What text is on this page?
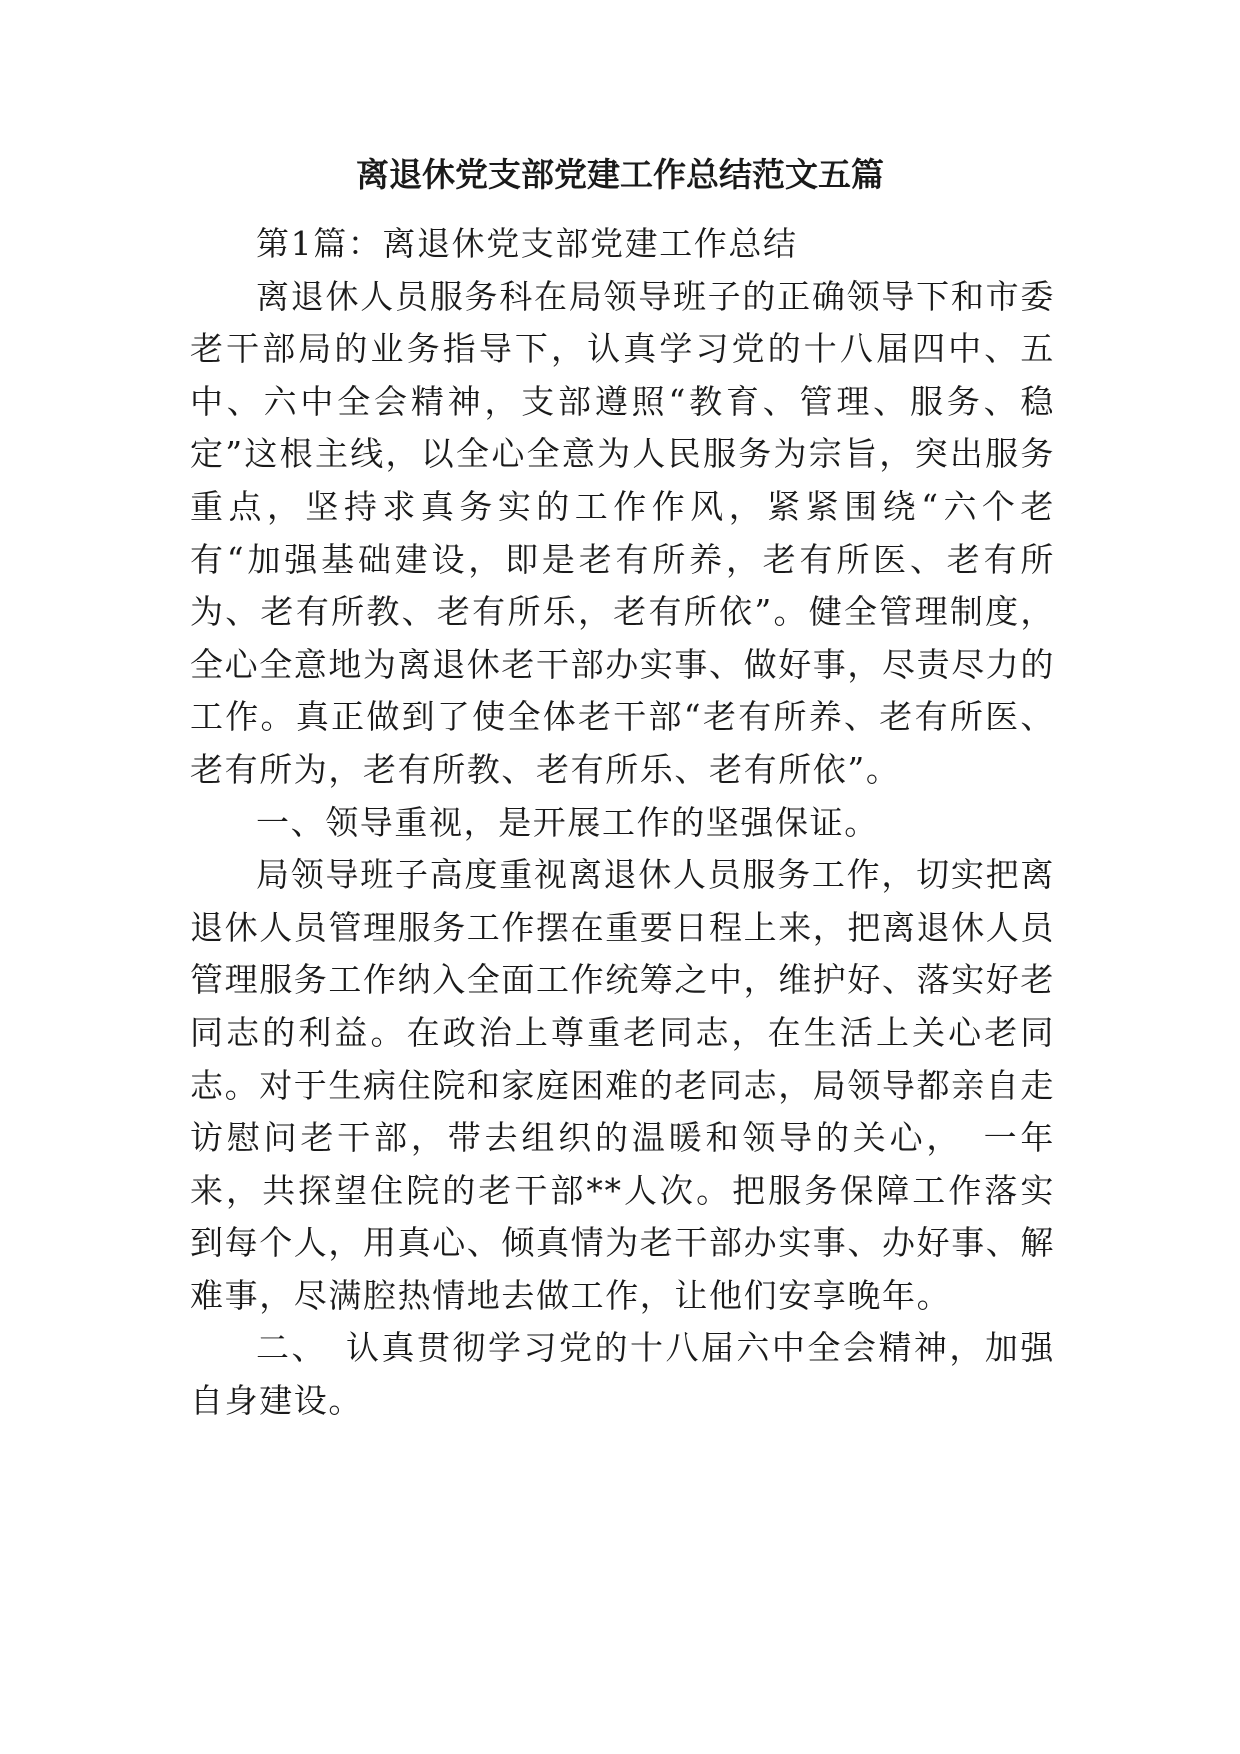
离退休党支部党建工作总结范文五篇

第1篇：离退休党支部党建工作总结

离退休人员服务科在局领导班子的正确领导下和市委老干部局的业务指导下，认真学习党的十八届四中、五中、六中全会精神，支部遵照“教育、管理、服务、稳定”这根主线，以全心全意为人民服务为宗旨，突出服务重点，坚持求真务实的工作作风，紧紧围绕“六个老有“加强基础建设，即是老有所养，老有所医、老有所为、老有所教、老有所乐，老有所依”。健全管理制度，全心全意地为离退休老干部办实事、做好事，尽责尽力的工作。真正做到了使全体老干部“老有所养、老有所医、老有所为，老有所教、老有所乐、老有所依”。

一、领导重视，是开展工作的坚强保证。

局领导班子高度重视离退休人员服务工作，切实把离退休人员管理服务工作摆在重要日程上来，把离退休人员管理服务工作纳入全面工作统筹之中，维护好、落实好老同志的利益。在政治上尊重老同志，在生活上关心老同志。对于生病住院和家庭困难的老同志，局领导都亲自走访慰问老干部，带去组织的温暖和领导的关心，　一年来，共探望住院的老干部**人次。把服务保障工作落实到每个人，用真心、倾真情为老干部办实事、办好事、解难事，尽满腔热情地去做工作，让他们安享晚年。

二、　认真贯彻学习党的十八届六中全会精神，加强自身建设。
